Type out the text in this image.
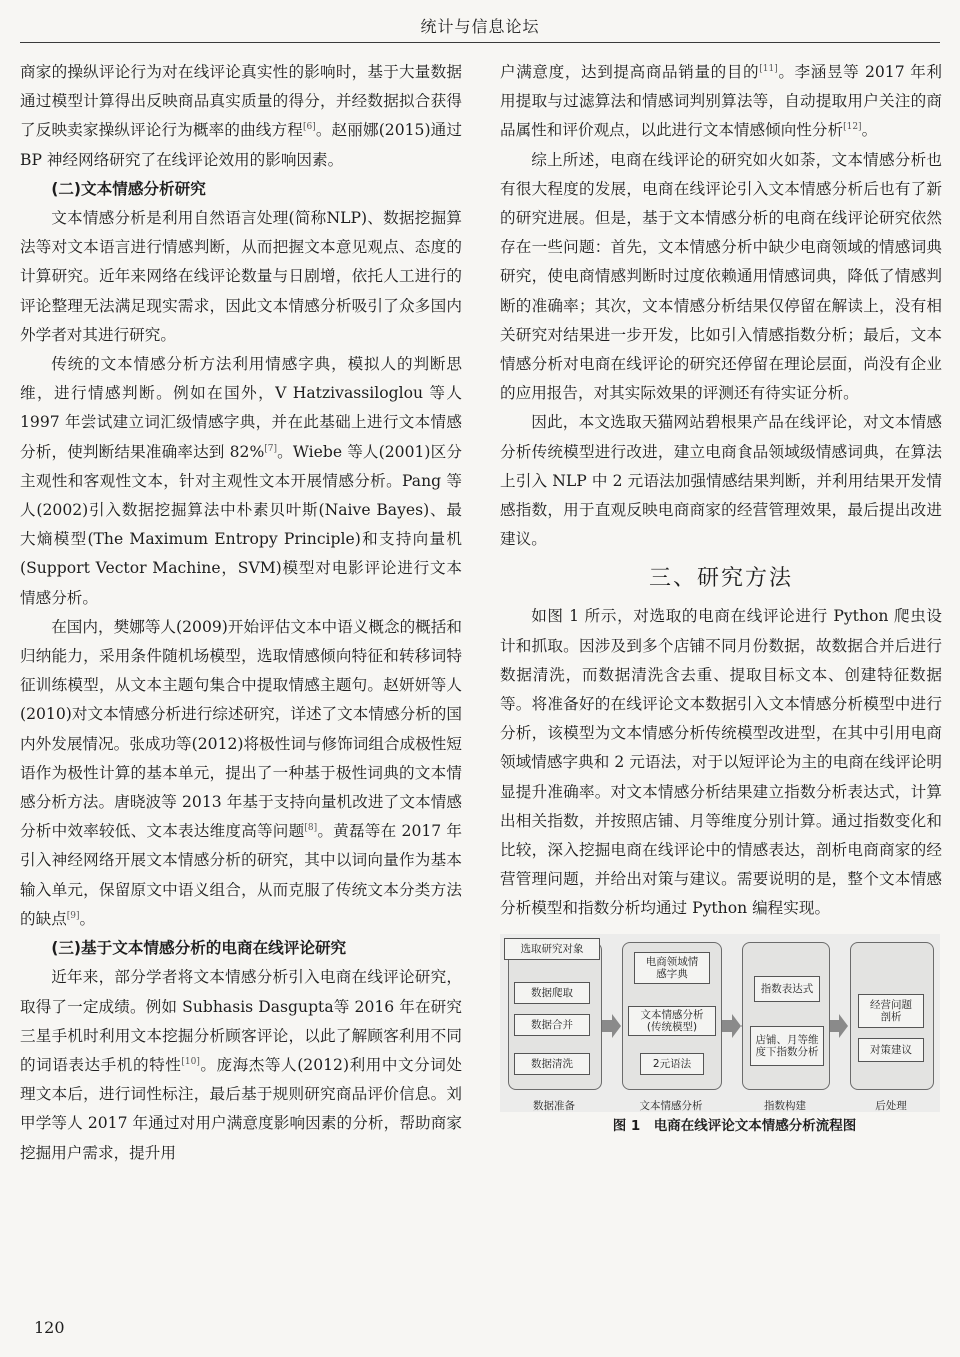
统计与信息论坛

商家的操纵评论行为对在线评论真实性的影响时，基于大量数据通过模型计算得出反映商品真实质量的得分，并经数据拟合获得了反映卖家操纵评论行为概率的曲线方程[6]。赵丽娜(2015)通过 BP 神经网络研究了在线评论效用的影响因素。

(二)文本情感分析研究

文本情感分析是利用自然语言处理(简称NLP)、数据挖掘算法等对文本语言进行情感判断，从而把握文本意见观点、态度的计算研究。近年来网络在线评论数量与日剧增，依托人工进行的评论整理无法满足现实需求，因此文本情感分析吸引了众多国内外学者对其进行研究。

传统的文本情感分析方法利用情感字典，模拟人的判断思维，进行情感判断。例如在国外，V Hatzivassiloglou 等人 1997 年尝试建立词汇级情感字典，并在此基础上进行文本情感分析，使判断结果准确率达到 82%[7]。Wiebe 等人(2001)区分主观性和客观性文本，针对主观性文本开展情感分析。Pang 等人(2002)引入数据挖掘算法中朴素贝叶斯(Naive Bayes)、最大熵模型(The Maximum Entropy Principle)和支持向量机(Support Vector Machine，SVM)模型对电影评论进行文本情感分析。

在国内，樊娜等人(2009)开始评估文本中语义概念的概括和归纳能力，采用条件随机场模型，选取情感倾向特征和转移词特征训练模型，从文本主题句集合中提取情感主题句。赵妍妍等人(2010)对文本情感分析进行综述研究，详述了文本情感分析的国内外发展情况。张成功等(2012)将极性词与修饰词组合成极性短语作为极性计算的基本单元，提出了一种基于极性词典的文本情感分析方法。唐晓波等 2013 年基于支持向量机改进了文本情感分析中效率较低、文本表达维度高等问题[8]。黄磊等在 2017 年引入神经网络开展文本情感分析的研究，其中以词向量作为基本输入单元，保留原文中语义组合，从而克服了传统文本分类方法的缺点[9]。

(三)基于文本情感分析的电商在线评论研究

近年来，部分学者将文本情感分析引入电商在线评论研究，取得了一定成绩。例如 Subhasis Dasgupta等 2016 年在研究三星手机时利用文本挖掘分析顾客评论，以此了解顾客利用不同的词语表达手机的特性[10]。庞海杰等人(2012)利用中文分词处理文本后，进行词性标注，最后基于规则研究商品评价信息。刘甲学等人 2017 年通过对用户满意度影响因素的分析，帮助商家挖掘用户需求，提升用

户满意度，达到提高商品销量的目的[11]。李涵昱等 2017 年利用提取与过滤算法和情感词判别算法等，自动提取用户关注的商品属性和评价观点，以此进行文本情感倾向性分析[12]。

综上所述，电商在线评论的研究如火如荼，文本情感分析也有很大程度的发展，电商在线评论引入文本情感分析后也有了新的研究进展。但是，基于文本情感分析的电商在线评论研究依然存在一些问题：首先，文本情感分析中缺少电商领域的情感词典研究，使电商情感判断时过度依赖通用情感词典，降低了情感判断的准确率；其次，文本情感分析结果仅停留在解读上，没有相关研究对结果进一步开发，比如引入情感指数分析；最后，文本情感分析对电商在线评论的研究还停留在理论层面，尚没有企业的应用报告，对其实际效果的评测还有待实证分析。

因此，本文选取天猫网站碧根果产品在线评论，对文本情感分析传统模型进行改进，建立电商食品领域级情感词典，在算法上引入 NLP 中 2 元语法加强情感结果判断，并利用结果开发情感指数，用于直观反映电商商家的经营管理效果，最后提出改进建议。

三、研究方法

如图 1 所示，对选取的电商在线评论进行 Python 爬虫设计和抓取。因涉及到多个店铺不同月份数据，故数据合并后进行数据清洗，而数据清洗含去重、提取目标文本、创建特征数据等。将准备好的在线评论文本数据引入文本情感分析模型中进行分析，该模型为文本情感分析传统模型改进型，在其中引用电商领域情感字典和 2 元语法，对于以短评论为主的电商在线评论明显提升准确率。对文本情感分析结果建立指数分析表达式，计算出相关指数，并按照店铺、月等维度分别计算。通过指数变化和比较，深入挖掘电商在线评论中的情感表达，剖析电商商家的经营管理问题，并给出对策与建议。需要说明的是，整个文本情感分析模型和指数分析均通过 Python 编程实现。

选取研究对象
数据爬取
数据合并
数据清洗
电商领域情感字典
文本情感分析
(传统模型)
2元语法
指数表达式
店铺、月等维度下指数分析
经营问题剖析
对策建议
数据准备	文本情感分析	指数构建	后处理

图 1　电商在线评论文本情感分析流程图

120
